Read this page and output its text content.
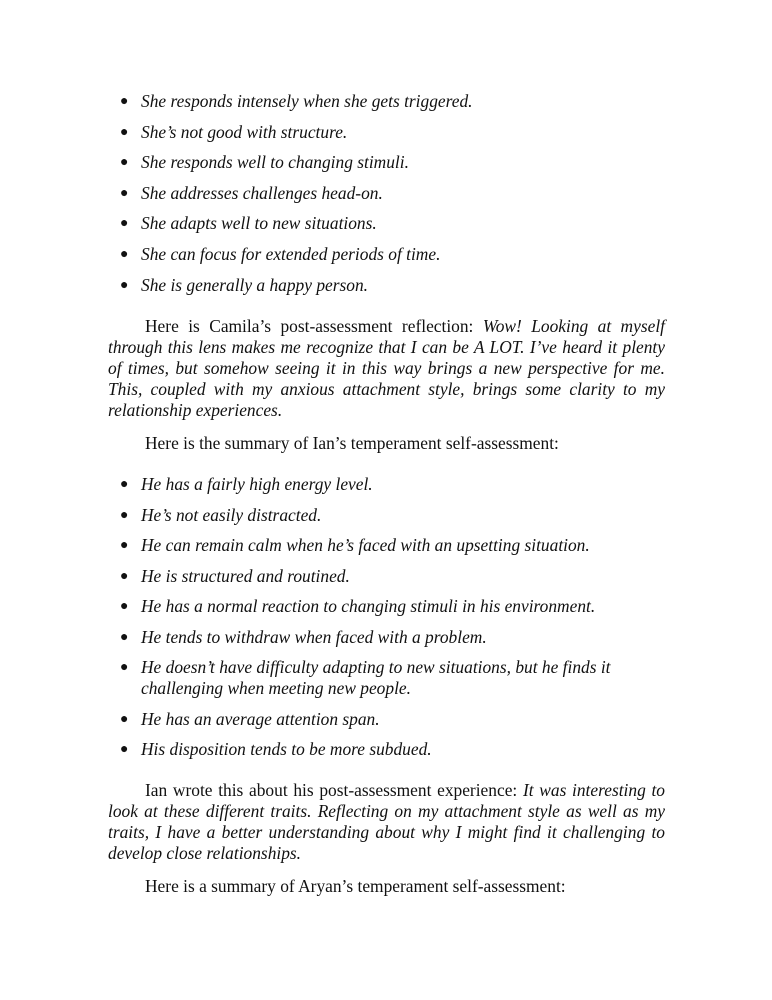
● She responds intensely when she gets triggered.
● She’s not good with structure.
● She responds well to changing stimuli.
● She addresses challenges head-on.
● She adapts well to new situations.
● She can focus for extended periods of time.
● She is generally a happy person.

Here is Camila’s post-assessment reflection: Wow! Looking at myself through this lens makes me recognize that I can be A LOT. I’ve heard it plenty of times, but somehow seeing it in this way brings a new perspective for me. This, coupled with my anxious attachment style, brings some clarity to my relationship experiences.

Here is the summary of Ian’s temperament self-assessment:

● He has a fairly high energy level.
● He’s not easily distracted.
● He can remain calm when he’s faced with an upsetting situation.
● He is structured and routined.
● He has a normal reaction to changing stimuli in his environment.
● He tends to withdraw when faced with a problem.
● He doesn’t have difficulty adapting to new situations, but he finds it challenging when meeting new people.
● He has an average attention span.
● His disposition tends to be more subdued.

Ian wrote this about his post-assessment experience: It was interesting to look at these different traits. Reflecting on my attachment style as well as my traits, I have a better understanding about why I might find it challenging to develop close relationships.

Here is a summary of Aryan’s temperament self-assessment:
